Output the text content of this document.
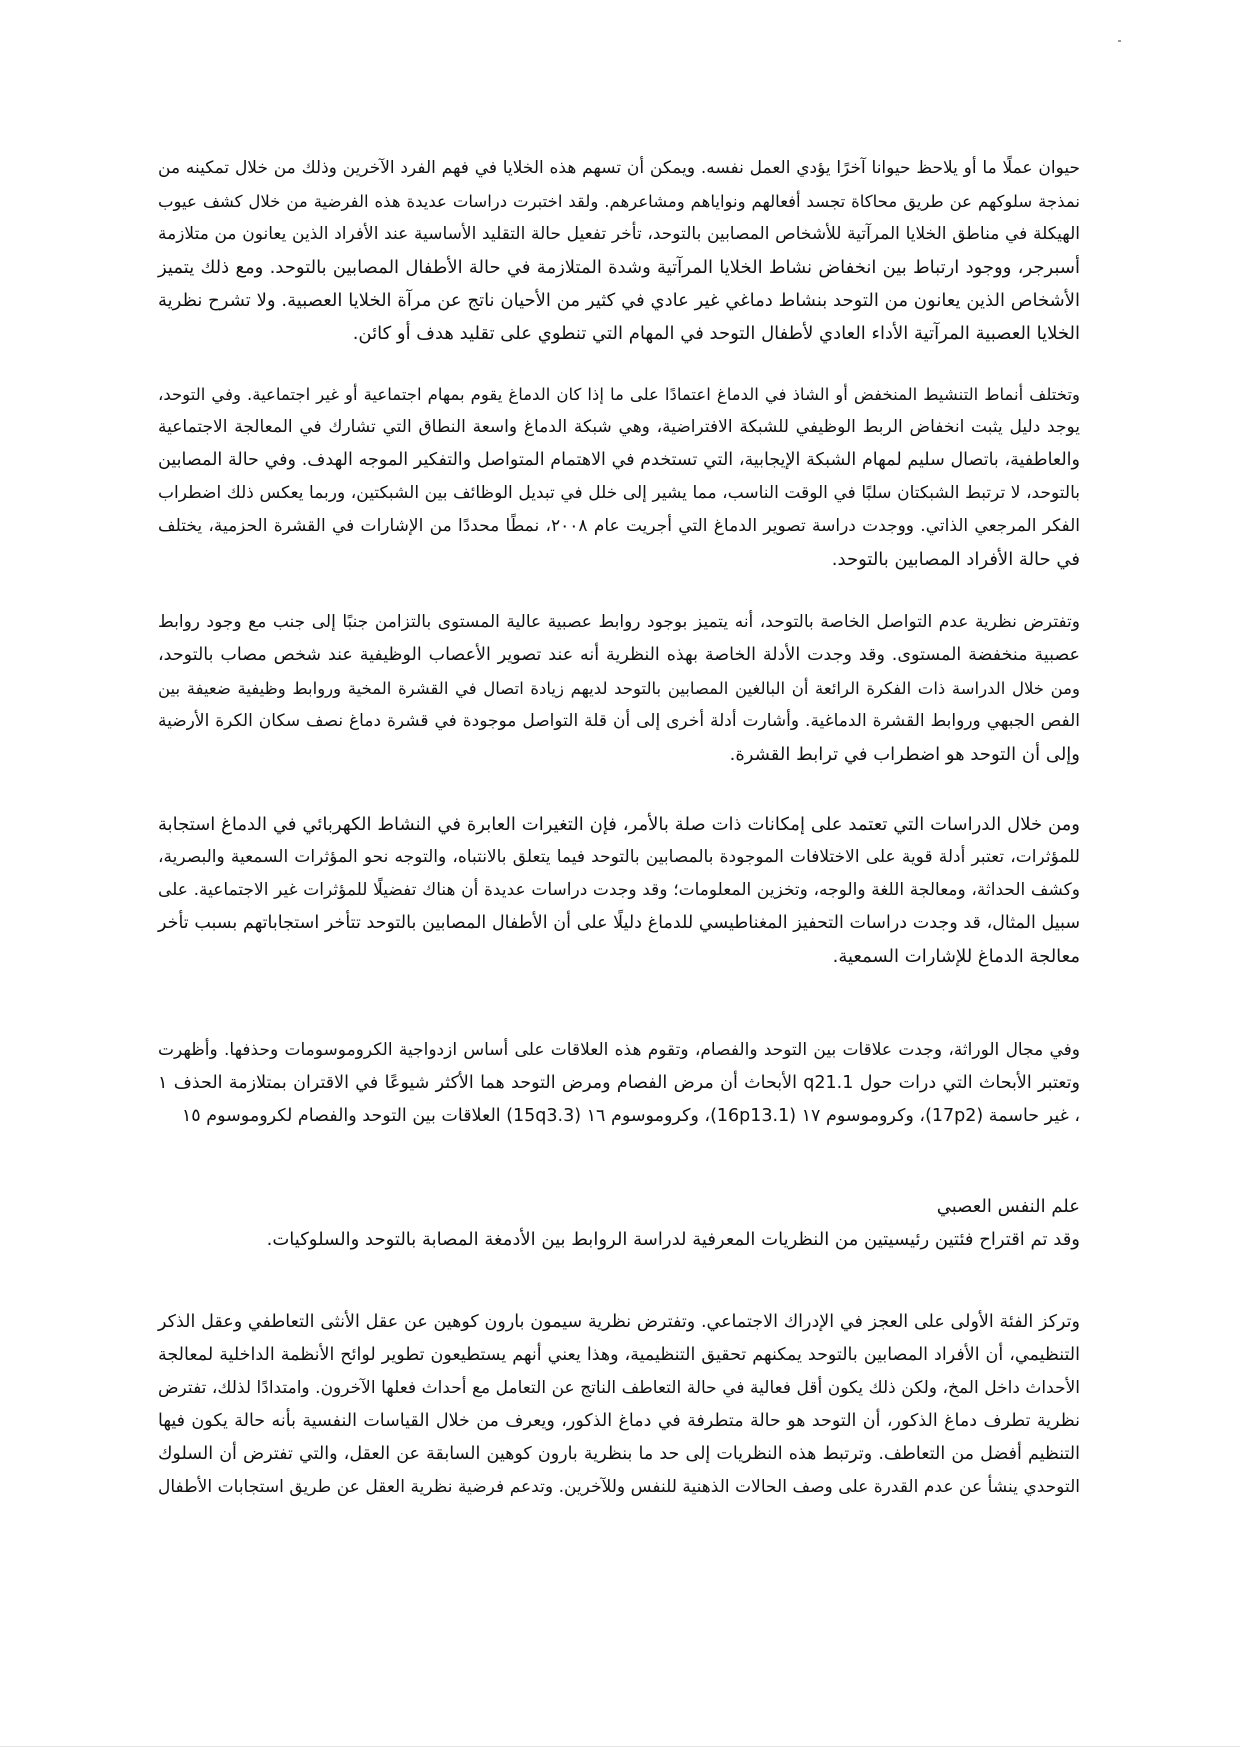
حيوان عملًا ما أو يلاحظ حيوانا آخرًا يؤدي العمل نفسه. ويمكن أن تسهم هذه الخلايا في فهم الفرد الآخرين وذلك من خلال تمكينه من
نمذجة سلوكهم عن طريق محاكاة تجسد أفعالهم ونواياهم ومشاعرهم. ولقد اختبرت دراسات عديدة هذه الفرضية من خلال كشف عيوب
الهيكلة في مناطق الخلايا المرآتية للأشخاص المصابين بالتوحد، تأخر تفعيل حالة التقليد الأساسية عند الأفراد الذين يعانون من متلازمة
أسبرجر، ووجود ارتباط بين انخفاض نشاط الخلايا المرآتية وشدة المتلازمة في حالة الأطفال المصابين بالتوحد. ومع ذلك يتميز
الأشخاص الذين يعانون من التوحد بنشاط دماغي غير عادي في كثير من الأحيان ناتج عن مرآة الخلايا العصبية. ولا تشرح نظرية
الخلايا العصبية المرآتية الأداء العادي لأطفال التوحد في المهام التي تنطوي على تقليد هدف أو كائن.
وتختلف أنماط التنشيط المنخفض أو الشاذ في الدماغ اعتمادًا على ما إذا كان الدماغ يقوم بمهام اجتماعية أو غير اجتماعية. وفي التوحد،
يوجد دليل يثبت انخفاض الربط الوظيفي للشبكة الافتراضية، وهي شبكة الدماغ واسعة النطاق التي تشارك في المعالجة الاجتماعية
والعاطفية، باتصال سليم لمهام الشبكة الإيجابية، التي تستخدم في الاهتمام المتواصل والتفكير الموجه الهدف. وفي حالة المصابين
بالتوحد، لا ترتبط الشبكتان سلبًا في الوقت الناسب، مما يشير إلى خلل في تبديل الوظائف بين الشبكتين، وربما يعكس ذلك اضطراب
الفكر المرجعي الذاتي. ووجدت دراسة تصوير الدماغ التي أجريت عام ٢٠٠٨، نمطًا محددًا من الإشارات في القشرة الحزمية، يختلف
في حالة الأفراد المصابين بالتوحد.
وتفترض نظرية عدم التواصل الخاصة بالتوحد، أنه يتميز بوجود روابط عصبية عالية المستوى بالتزامن جنبًا إلى جنب مع وجود روابط
عصبية منخفضة المستوى. وقد وجدت الأدلة الخاصة بهذه النظرية أنه عند تصوير الأعصاب الوظيفية عند شخص مصاب بالتوحد،
ومن خلال الدراسة ذات الفكرة الرائعة أن البالغين المصابين بالتوحد لديهم زيادة اتصال في القشرة المخية وروابط وظيفية ضعيفة بين
الفص الجبهي وروابط القشرة الدماغية. وأشارت أدلة أخرى إلى أن قلة التواصل موجودة في قشرة دماغ نصف سكان الكرة الأرضية
وإلى أن التوحد هو اضطراب في ترابط القشرة.
ومن خلال الدراسات التي تعتمد على إمكانات ذات صلة بالأمر، فإن التغيرات العابرة في النشاط الكهربائي في الدماغ استجابة
للمؤثرات، تعتبر أدلة قوية على الاختلافات الموجودة بالمصابين بالتوحد فيما يتعلق بالانتباه، والتوجه نحو المؤثرات السمعية والبصرية،
وكشف الحداثة، ومعالجة اللغة والوجه، وتخزين المعلومات؛ وقد وجدت دراسات عديدة أن هناك تفضيلًا للمؤثرات غير الاجتماعية. على
سبيل المثال، قد وجدت دراسات التحفيز المغناطيسي للدماغ دليلًا على أن الأطفال المصابين بالتوحد تتأخر استجاباتهم بسبب تأخر
معالجة الدماغ للإشارات السمعية.
وفي مجال الوراثة، وجدت علاقات بين التوحد والفصام، وتقوم هذه العلاقات على أساس ازدواجية الكروموسومات وحذفها. وأظهرت
وتعتبر الأبحاث التي درات حول q21.1 الأبحاث أن مرض الفصام ومرض التوحد هما الأكثر شيوعًا في الاقتران بمتلازمة الحذف ١
، غير حاسمة (17p2)، وكروموسوم ١٧ (16p13.1)، وكروموسوم ١٦ (15q3.3) العلاقات بين التوحد والفصام لكروموسوم ١٥
علم النفس العصبي
وقد تم اقتراح فئتين رئيسيتين من النظريات المعرفية لدراسة الروابط بين الأدمغة المصابة بالتوحد والسلوكيات.
وتركز الفئة الأولى على العجز في الإدراك الاجتماعي. وتفترض نظرية سيمون بارون كوهين عن عقل الأنثى التعاطفي وعقل الذكر
التنظيمي، أن الأفراد المصابين بالتوحد يمكنهم تحقيق التنظيمية، وهذا يعني أنهم يستطيعون تطوير لوائح الأنظمة الداخلية لمعالجة
الأحداث داخل المخ، ولكن ذلك يكون أقل فعالية في حالة التعاطف الناتج عن التعامل مع أحداث فعلها الآخرون. وامتدادًا لذلك، تفترض
نظرية تطرف دماغ الذكور، أن التوحد هو حالة متطرفة في دماغ الذكور، ويعرف من خلال القياسات النفسية بأنه حالة يكون فيها
التنظيم أفضل من التعاطف. وترتبط هذه النظريات إلى حد ما بنظرية بارون كوهين السابقة عن العقل، والتي تفترض أن السلوك
التوحدي ينشأ عن عدم القدرة على وصف الحالات الذهنية للنفس وللآخرين. وتدعم فرضية نظرية العقل عن طريق استجابات الأطفال
